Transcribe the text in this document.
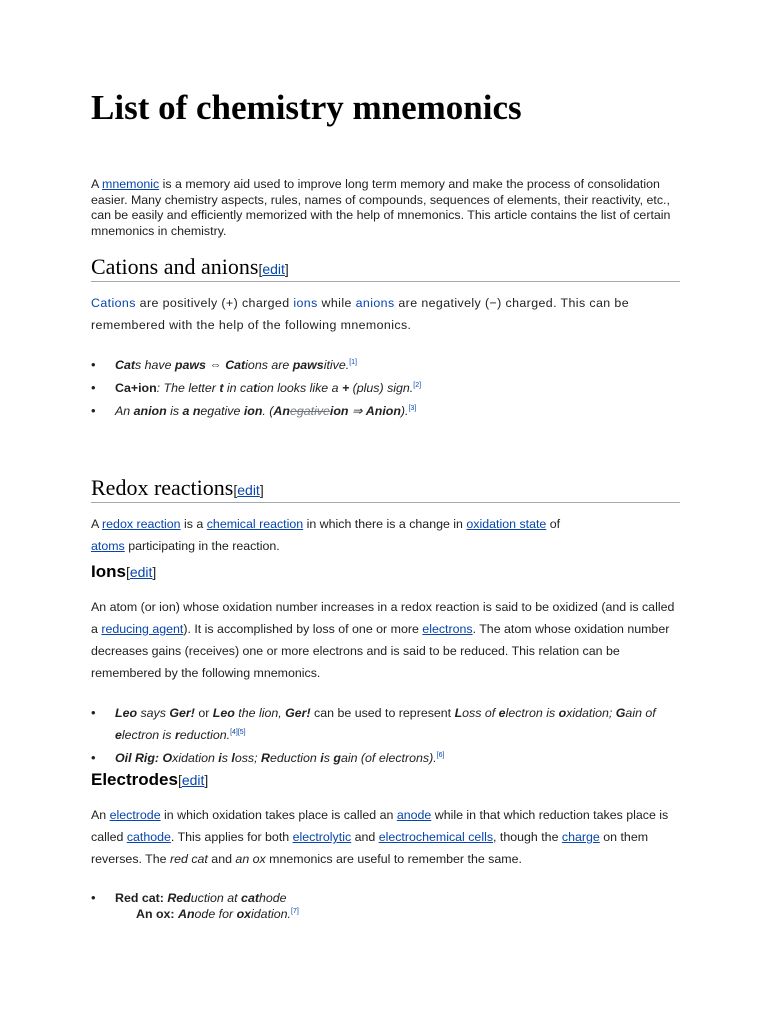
List of chemistry mnemonics

A mnemonic is a memory aid used to improve long term memory and make the process of consolidation easier. Many chemistry aspects, rules, names of compounds, sequences of elements, their reactivity, etc., can be easily and efficiently memorized with the help of mnemonics. This article contains the list of certain mnemonics in chemistry.

Cations and anions[edit]

Cations are positively (+) charged ions while anions are negatively (−) charged. This can be remembered with the help of the following mnemonics.

• Cats have paws ⇔ Cations are pawsitive.[1]
• Ca+ion: The letter t in cation looks like a + (plus) sign.[2]
• An anion is a negative ion. (Anegativeion ⇒ Anion).[3]
Redox reactions[edit]

A redox reaction is a chemical reaction in which there is a change in oxidation state of atoms participating in the reaction.

Ions[edit]

An atom (or ion) whose oxidation number increases in a redox reaction is said to be oxidized (and is called a reducing agent). It is accomplished by loss of one or more electrons. The atom whose oxidation number decreases gains (receives) one or more electrons and is said to be reduced. This relation can be remembered by the following mnemonics.

• Leo says Ger! or Leo the lion, Ger! can be used to represent Loss of electron is oxidation; Gain of electron is reduction.[4][5]
• Oil Rig: Oxidation is loss; Reduction is gain (of electrons).[6]
Electrodes[edit]

An electrode in which oxidation takes place is called an anode while in that which reduction takes place is called cathode. This applies for both electrolytic and electrochemical cells, though the charge on them reverses. The red cat and an ox mnemonics are useful to remember the same.

• Red cat: Reduction at cathode
An ox: Anode for oxidation.[7]
